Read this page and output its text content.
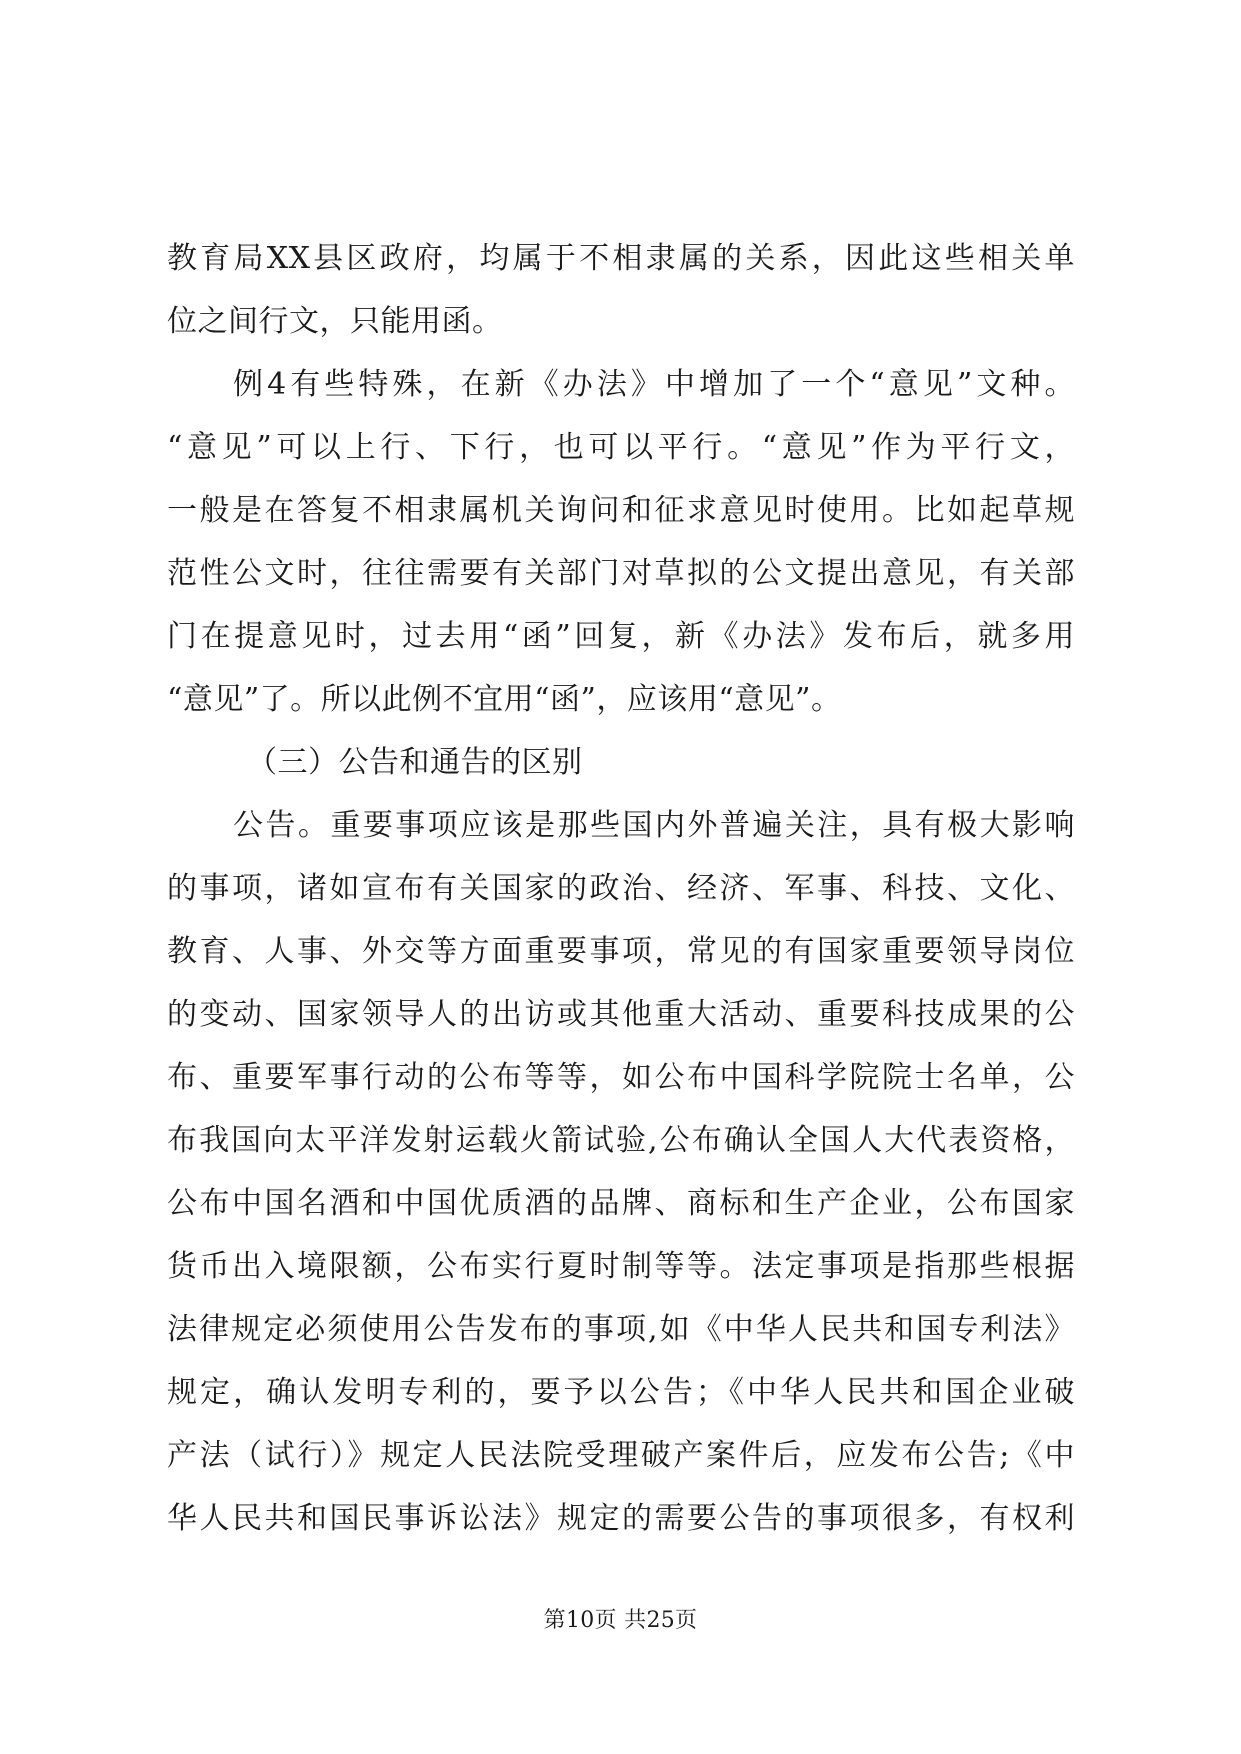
教育局XX县区政府，均属于不相隶属的关系，因此这些相关单
位之间行文，只能用函。
例4有些特殊，在新《办法》中增加了一个“意见”文种。
“意见”可以上行、下行，也可以平行。“意见”作为平行文，
一般是在答复不相隶属机关询问和征求意见时使用。比如起草规
范性公文时，往往需要有关部门对草拟的公文提出意见，有关部
门在提意见时，过去用“函”回复，新《办法》发布后，就多用
“意见”了。所以此例不宜用“函”，应该用“意见”。
（三）公告和通告的区别
公告。重要事项应该是那些国内外普遍关注，具有极大影响
的事项，诸如宣布有关国家的政治、经济、军事、科技、文化、
教育、人事、外交等方面重要事项，常见的有国家重要领导岗位
的变动、国家领导人的出访或其他重大活动、重要科技成果的公
布、重要军事行动的公布等等，如公布中国科学院院士名单，公
布我国向太平洋发射运载火箭试验,公布确认全国人大代表资格，
公布中国名酒和中国优质酒的品牌、商标和生产企业，公布国家
货币出入境限额，公布实行夏时制等等。法定事项是指那些根据
法律规定必须使用公告发布的事项,如《中华人民共和国专利法》
规定，确认发明专利的，要予以公告；《中华人民共和国企业破
产法（试行）》规定人民法院受理破产案件后，应发布公告;《中
华人民共和国民事诉讼法》规定的需要公告的事项很多，有权利
第10页 共25页
